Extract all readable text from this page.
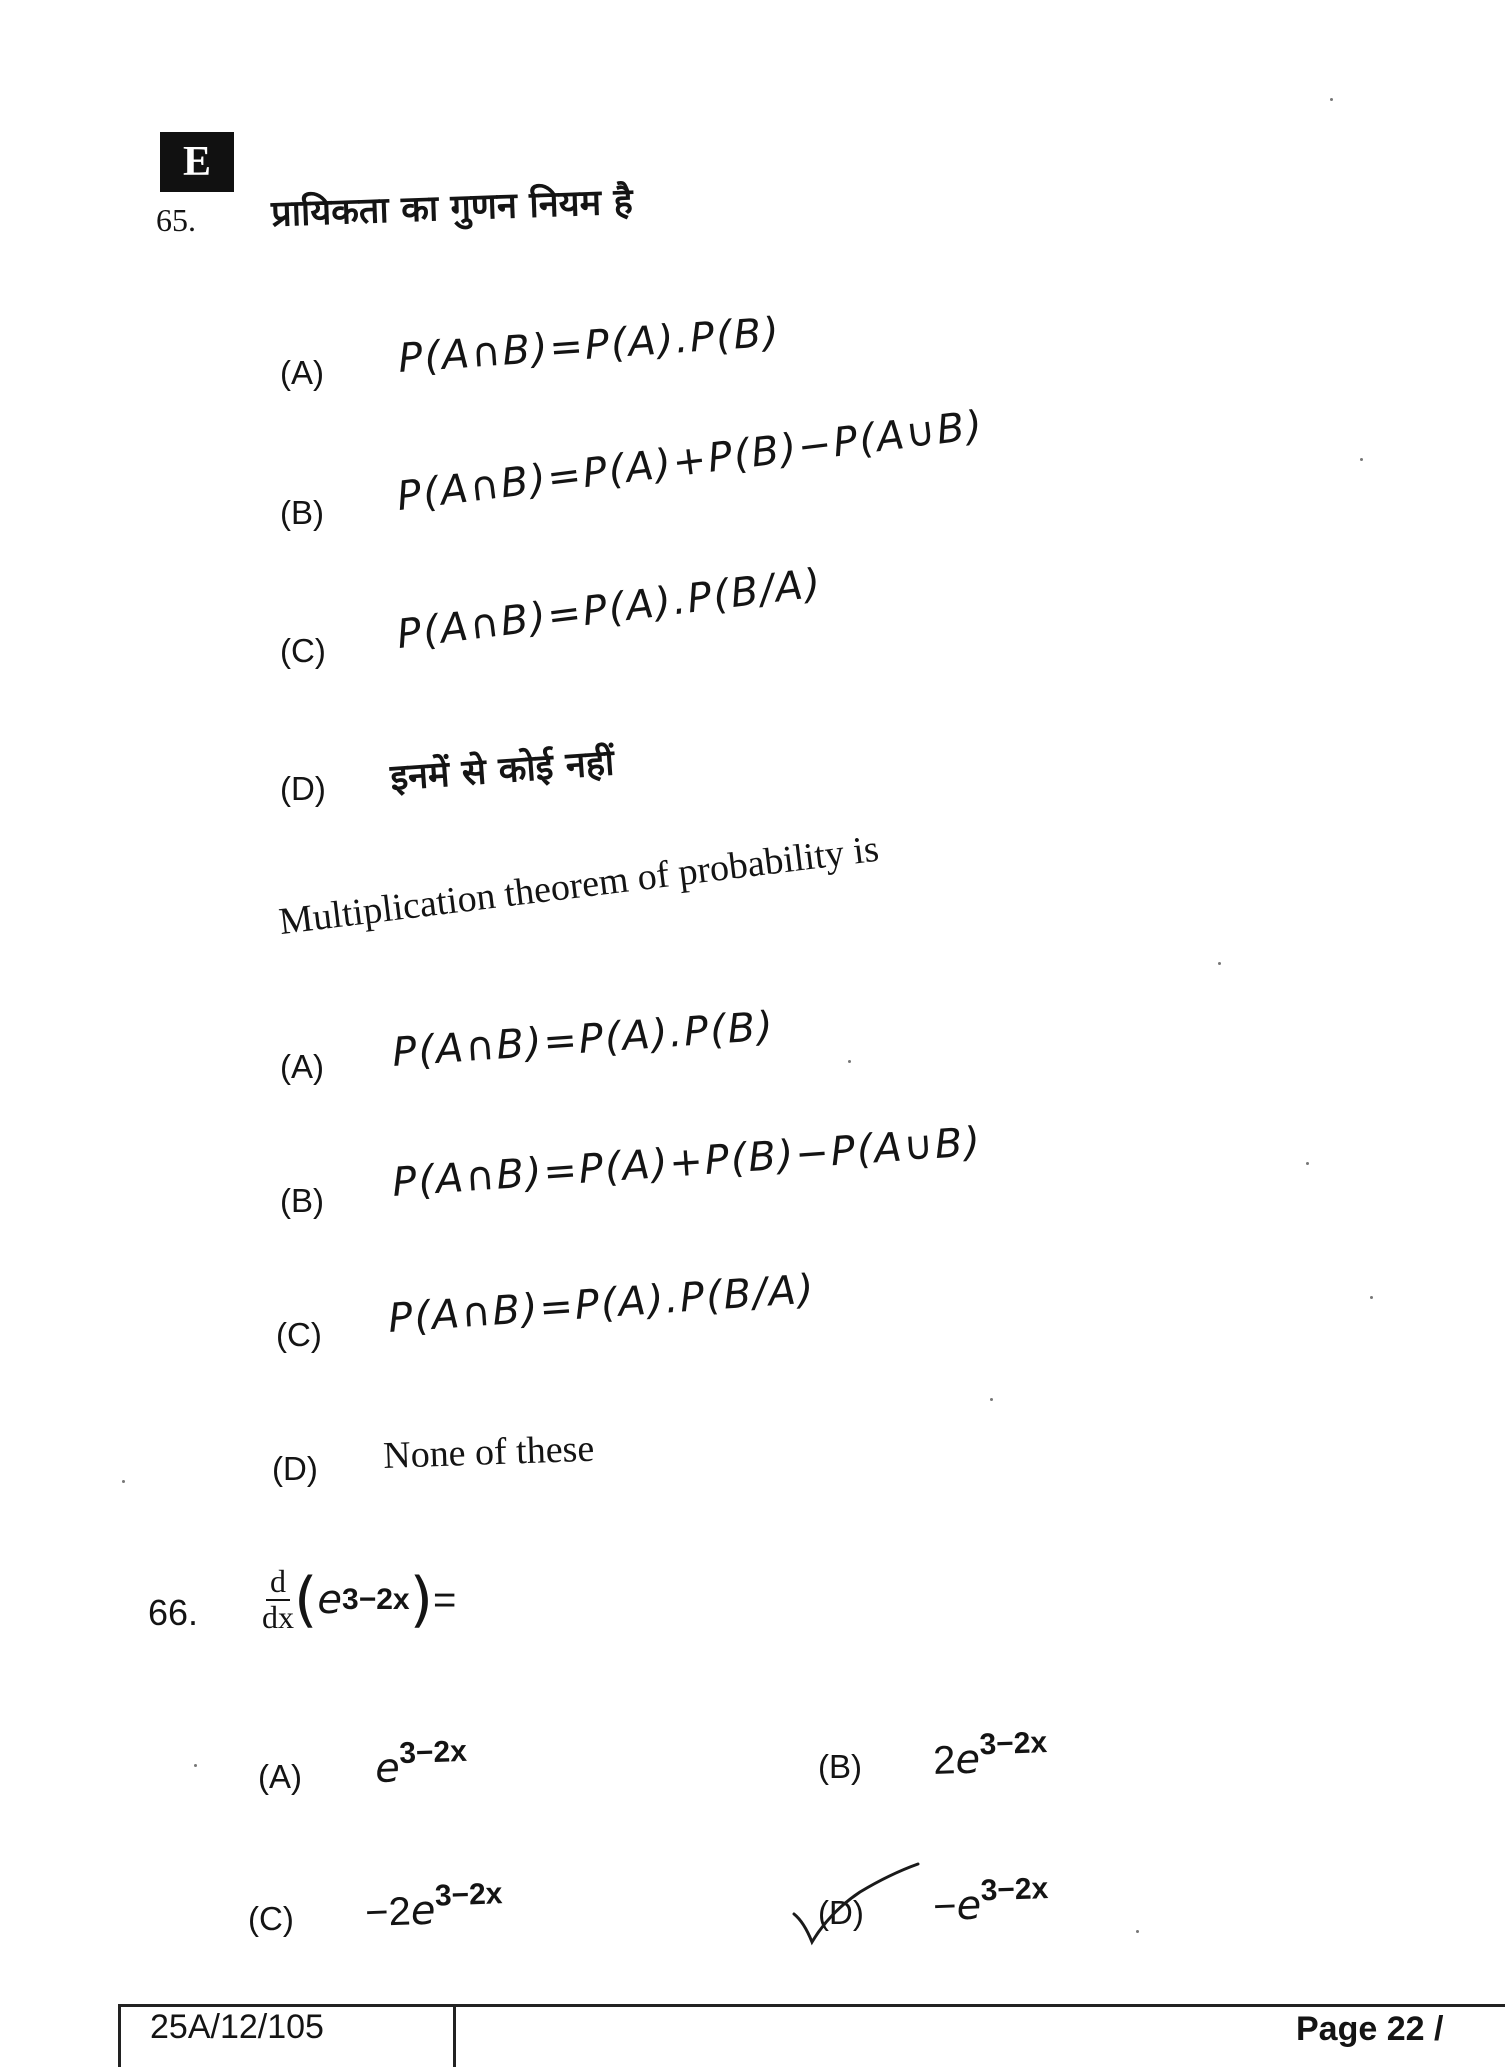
E
65. प्रायिकता का गुणन नियम है
(A) P(A∩B)=P(A).P(B)
(B) P(A∩B)=P(A)+P(B)−P(A∪B)
(C) P(A∩B)=P(A).P(B/A)
(D) इनमें से कोई नहीं
Multiplication theorem of probability is
(A) P(A∩B)=P(A).P(B)
(B) P(A∩B)=P(A)+P(B)−P(A∪B)
(C) P(A∩B)=P(A).P(B/A)
(D) None of these
66. $\frac{d}{dx}$ ( e 3−2x ) =
(A) e3−2x	(B) 2e3−2x
(C) −2e3−2x	(D) −e3−2x
25A/12/105	Page 22 /
